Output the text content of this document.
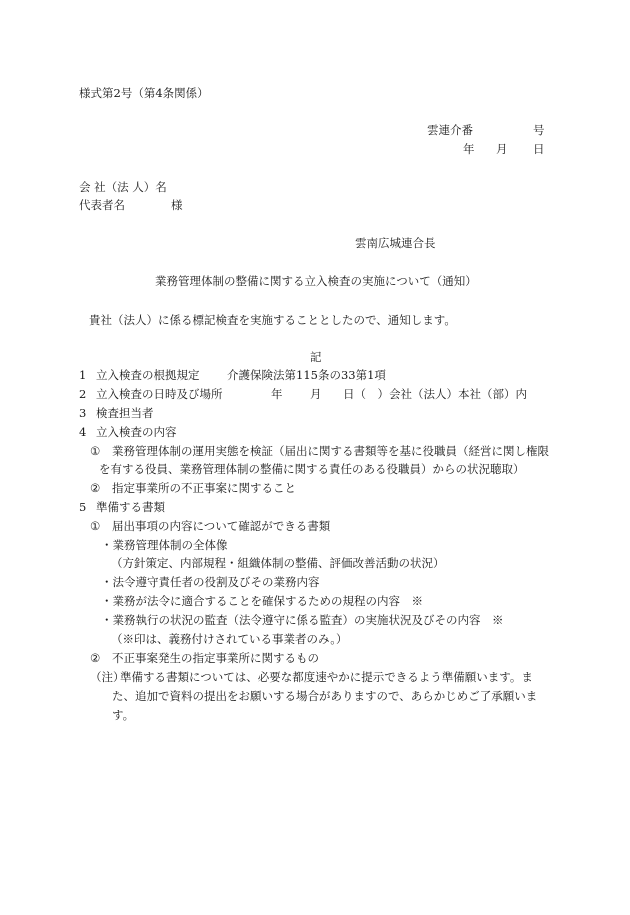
様式第2号（第4条関係）
雲連介番	号
年 月 日
会 社（法 人）名
代表者名	様
雲南広城連合長
業務管理体制の整備に関する立入検査の実施について（通知）
貴社（法人）に係る標記検査を実施することとしたので、通知します。
記
1 立入検査の根拠規定 介護保険法第115条の33第1項
2 立入検査の日時及び場所	年 月 日（　）会社（法人）本社（部）内
3 検査担当者
4 立入検査の内容
① 業務管理体制の運用実態を検証（届出に関する書類等を基に役職員（経営に関し権限
を有する役員、業務管理体制の整備に関する責任のある役職員）からの状況聴取）
② 指定事業所の不正事案に関すること
5 準備する書類
① 届出事項の内容について確認ができる書類
・業務管理体制の全体像
（方針策定、内部規程・組織体制の整備、評価改善活動の状況）
・法令遵守責任者の役割及びその業務内容
・業務が法令に適合することを確保するための規程の内容　※
・業務執行の状況の監査（法令遵守に係る監査）の実施状況及びその内容　※
（※印は、義務付けされている事業者のみ。）
② 不正事案発生の指定事業所に関するもの
（注）
準備する書類については、必要な都度速やかに提示できるよう準備願います。ま
た、追加で資料の提出をお願いする場合がありますので、あらかじめご了承願いま
す。
